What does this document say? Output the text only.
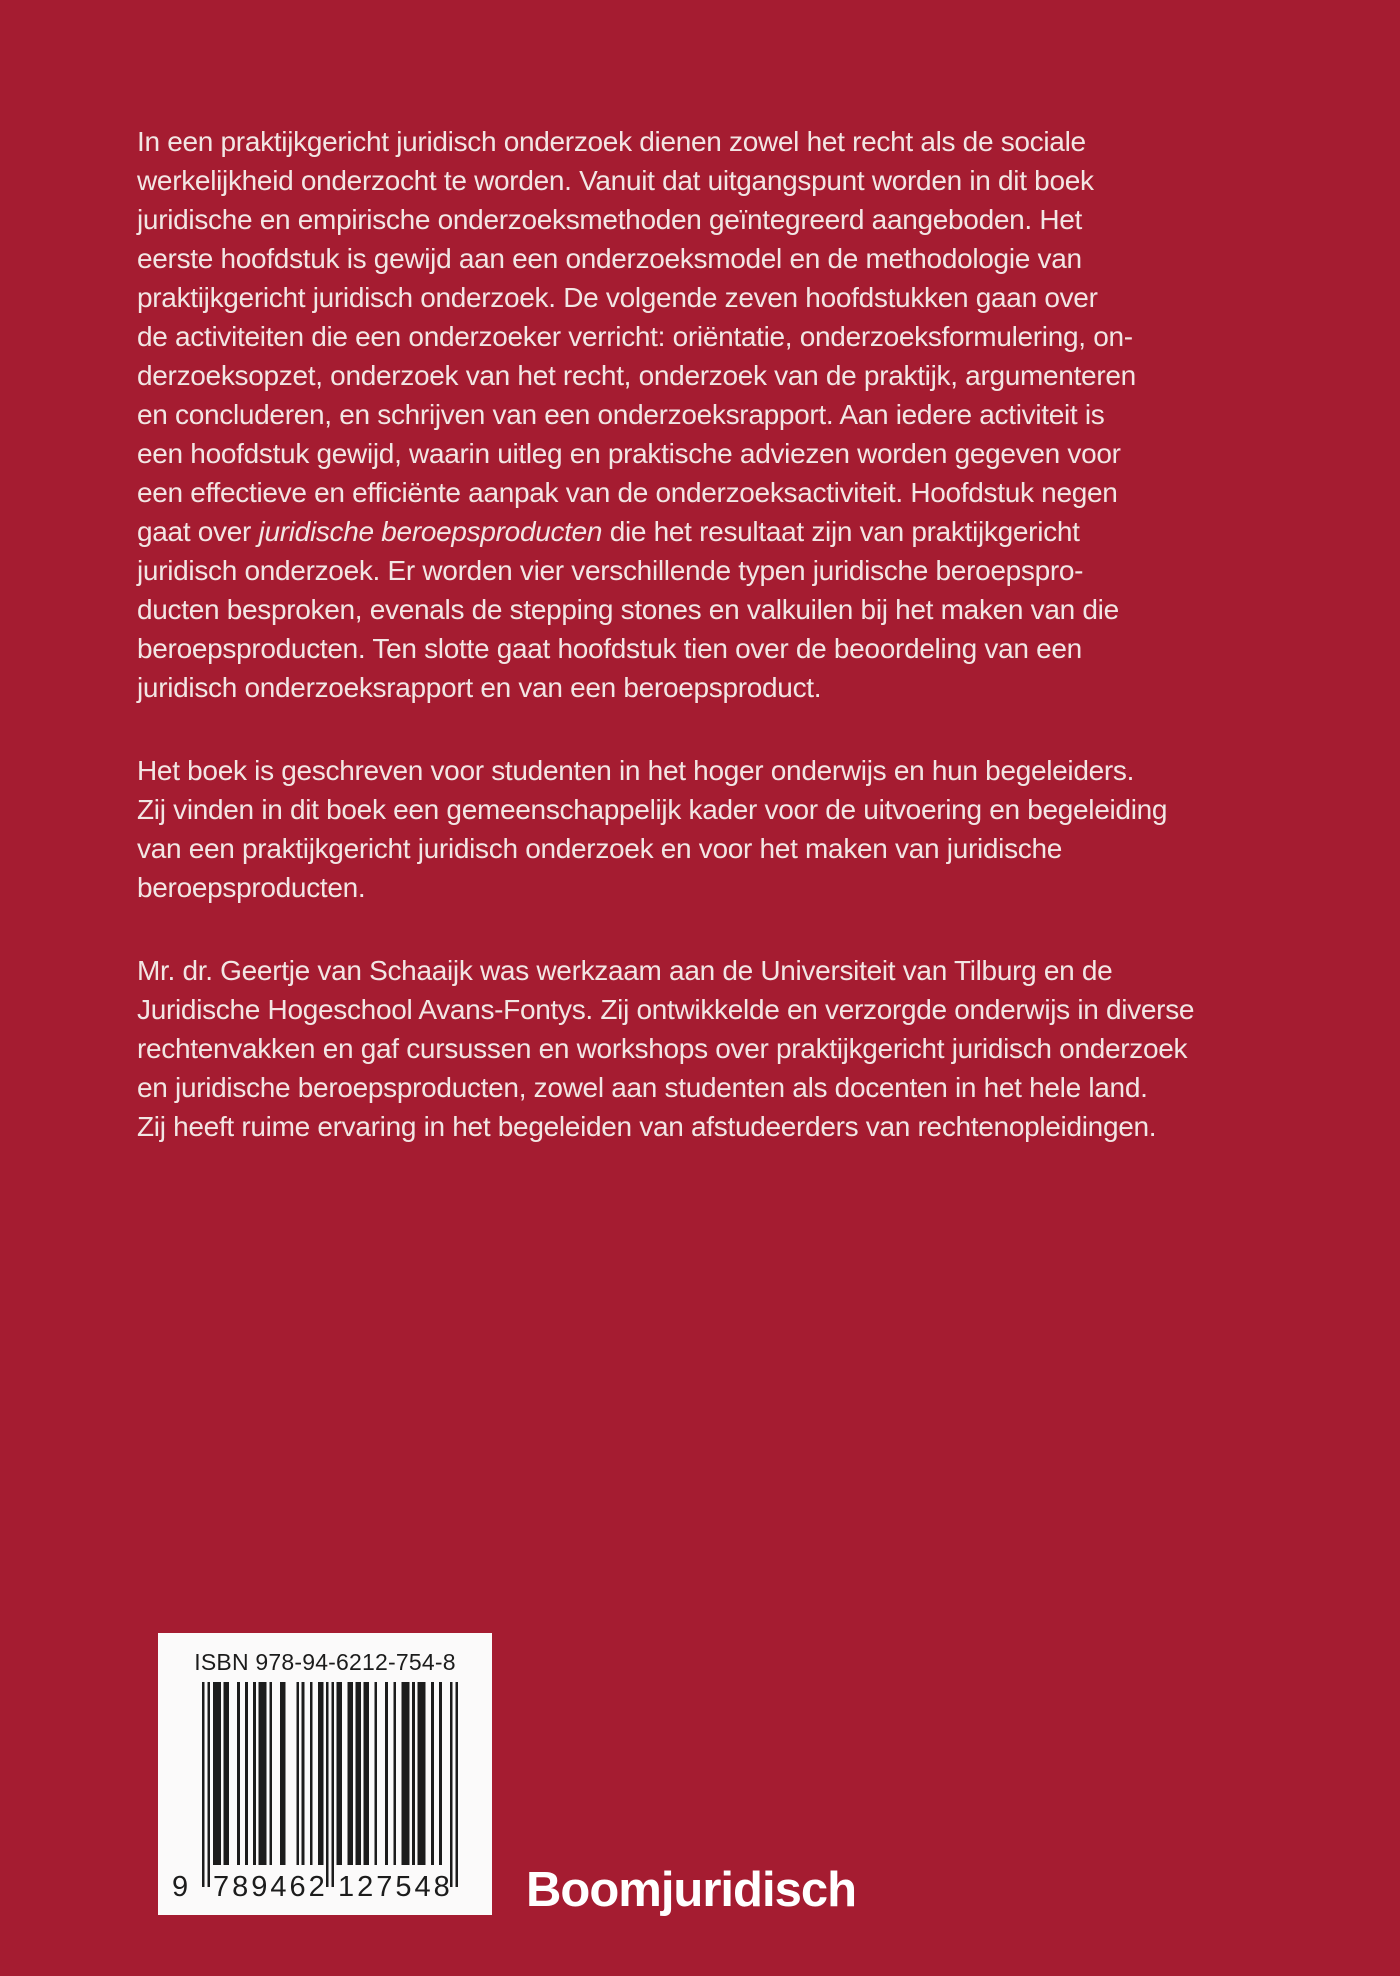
In een praktijkgericht juridisch onderzoek dienen zowel het recht als de sociale
werkelijkheid onderzocht te worden. Vanuit dat uitgangspunt worden in dit boek
juridische en empirische onderzoeksmethoden geïntegreerd aangeboden. Het
eerste hoofdstuk is gewijd aan een onderzoeksmodel en de methodologie van
praktijkgericht juridisch onderzoek. De volgende zeven hoofdstukken gaan over
de activiteiten die een onderzoeker verricht: oriëntatie, onderzoeksformulering, on-
derzoeksopzet, onderzoek van het recht, onderzoek van de praktijk, argumenteren
en concluderen, en schrijven van een onderzoeksrapport. Aan iedere activiteit is
een hoofdstuk gewijd, waarin uitleg en praktische adviezen worden gegeven voor
een effectieve en efficiënte aanpak van de onderzoeksactiviteit. Hoofdstuk negen
gaat over juridische beroepsproducten die het resultaat zijn van praktijkgericht
juridisch onderzoek. Er worden vier verschillende typen juridische beroepspro-
ducten besproken, evenals de stepping stones en valkuilen bij het maken van die
beroepsproducten. Ten slotte gaat hoofdstuk tien over de beoordeling van een
juridisch onderzoeksrapport en van een beroepsproduct.
Het boek is geschreven voor studenten in het hoger onderwijs en hun begeleiders.
Zij vinden in dit boek een gemeenschappelijk kader voor de uitvoering en begeleiding
van een praktijkgericht juridisch onderzoek en voor het maken van juridische
beroepsproducten.
Mr. dr. Geertje van Schaaijk was werkzaam aan de Universiteit van Tilburg en de
Juridische Hogeschool Avans-Fontys. Zij ontwikkelde en verzorgde onderwijs in diverse
rechtenvakken en gaf cursussen en workshops over praktijkgericht juridisch onderzoek
en juridische beroepsproducten, zowel aan studenten als docenten in het hele land.
Zij heeft ruime ervaring in het begeleiden van afstudeerders van rechtenopleidingen.
ISBN 978-94-6212-754-8
9 789462 127548 Boomjuridisch
